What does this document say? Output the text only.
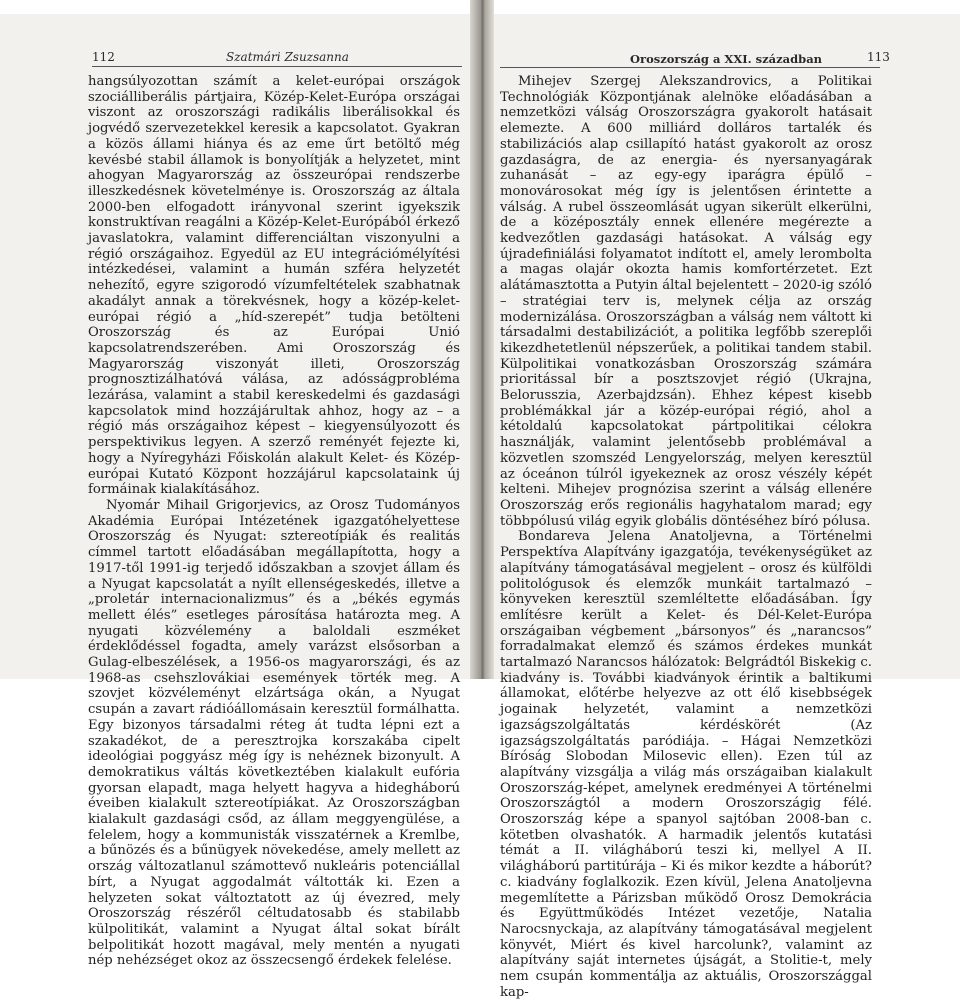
112	Szatmári Zsuzsanna

hangsúlyozottan számít a kelet-európai országok szociálliberális pártjaira, Közép-Kelet-Európa országai viszont az oroszországi radikális liberálisokkal és jogvédő szervezetekkel keresik a kapcsolatot. Gyakran a közös állami hiánya és az eme űrt betöltő még kevésbé stabil államok is bonyolítják a helyzetet, mint ahogyan Magyarország az összeurópai rendszerbe illeszkedésnek követelménye is. Oroszország az általa 2000-ben elfogadott irányvonal szerint igyekszik konstruktívan reagálni a Közép-Kelet-Európából érkező javaslatokra, valamint differenciáltan viszonyulni a régió országaihoz. Egyedül az EU integrációmélyítési intézkedései, valamint a humán szféra helyzetét nehezítő, egyre szigorodó vízumfeltételek szabhatnak akadályt annak a törekvésnek, hogy a közép-kelet-európai régió a „híd-szerepét” tudja betölteni Oroszország és az Európai Unió kapcsolatrendszerében. Ami Oroszország és Magyarország viszonyát illeti, Oroszország prognosztizálhatóvá válása, az adósságprobléma lezárása, valamint a stabil kereskedelmi és gazdasági kapcsolatok mind hozzájárultak ahhoz, hogy az – a régió más országaihoz képest – kiegyensúlyozott és perspektivikus legyen. A szerző reményét fejezte ki, hogy a Nyíregyházi Főiskolán alakult Kelet- és Közép-európai Kutató Központ hozzájárul kapcsolataink új formáinak kialakításához.

Nyomár Mihail Grigorjevics, az Orosz Tudományos Akadémia Európai Intézetének igazgatóhelyettese Oroszország és Nyugat: sztereotípiák és realitás címmel tartott előadásában megállapította, hogy a 1917-től 1991-ig terjedő időszakban a szovjet állam és a Nyugat kapcsolatát a nyílt ellenségeskedés, illetve a „proletár internacionalizmus” és a „békés egymás mellett élés” esetleges párosítása határozta meg. A nyugati közvélemény a baloldali eszméket érdeklődéssel fogadta, amely varázst elsősorban a Gulag-elbeszélések, a 1956-os magyarországi, és az 1968-as csehszlovákiai események törték meg. A szovjet közvéleményt elzártsága okán, a Nyugat csupán a zavart rádióállomásain keresztül formálhatta. Egy bizonyos társadalmi réteg át tudta lépni ezt a szakadékot, de a peresztrojka korszakába cipelt ideológiai poggyász még így is nehéznek bizonyult. A demokratikus váltás következtében kialakult eufória gyorsan elapadt, maga helyett hagyva a hidegháború éveiben kialakult sztereotípiákat. Az Oroszországban kialakult gazdasági csőd, az állam meggyengülése, a felelem, hogy a kommunisták visszatérnek a Kremlbe, a bűnözés és a bűnügyek növekedése, amely mellett az ország változatlanul számottevő nukleáris potenciállal bírt, a Nyugat aggodalmát váltották ki. Ezen a helyzeten sokat változtatott az új évezred, mely Oroszország részéről céltudatosabb és stabilabb külpolitikát, valamint a Nyugat által sokat bírált belpolitikát hozott magával, mely mentén a nyugati nép nehézséget okoz az összecsengő érdekek felelése.

Oroszország a XXI. században	113

Mihejev Szergej Alekszandrovics, a Politikai Technológiák Központjának alelnöke előadásában a nemzetközi válság Oroszországra gyakorolt hatásait elemezte. A 600 milliárd dolláros tartalék és stabilizációs alap csillapító hatást gyakorolt az orosz gazdaságra, de az energia- és nyersanyagárak zuhanását – az egy-egy iparágra épülő – monovárosokat még így is jelentősen érintette a válság. A rubel összeomlását ugyan sikerült elkerülni, de a középosztály ennek ellenére megérezte a kedvezőtlen gazdasági hatásokat. A válság egy újradefiniálási folyamatot indított el, amely lerombolta a magas olajár okozta hamis komfortérzetet. Ezt alátámasztotta a Putyin által bejelentett – 2020-ig szóló – stratégiai terv is, melynek célja az ország modernizálása. Oroszországban a válság nem váltott ki társadalmi destabilizációt, a politika legfőbb szereplői kikezdhetetlenül népszerűek, a politikai tandem stabil. Külpolitikai vonatkozásban Oroszország számára prioritással bír a posztszovjet régió (Ukrajna, Belorusszia, Azerbajdzsán). Ehhez képest kisebb problémákkal jár a közép-európai régió, ahol a kétoldalú kapcsolatokat pártpolitikai célokra használják, valamint jelentősebb problémával a közvetlen szomszéd Lengyelország, melyen keresztül az óceánon túlról igyekeznek az orosz vészély képét kelteni. Mihejev prognózisa szerint a válság ellenére Oroszország erős regionális hagyhatalom marad; egy többpólusú világ egyik globális döntéséhez bíró pólusa.

Bondareva Jelena Anatoljevna, a Történelmi Perspektíva Alapítvány igazgatója, tevékenységüket az alapítvány támogatásával megjelent – orosz és külföldi politológusok és elemzők munkáit tartalmazó – könyveken keresztül szemléltette előadásában. Így említésre került a Kelet- és Dél-Kelet-Európa országaiban végbement „bársonyos” és „narancsos” forradalmakat elemző és számos érdekes munkát tartalmazó Narancsos hálózatok: Belgrádtól Biskekig c. kiadvány is. További kiadványok érintik a baltikumi államokat, előtérbe helyezve az ott élő kisebbségek jogainak helyzetét, valamint a nemzetközi igazságszolgáltatás kérdéskörét (Az igazságszolgáltatás paródiája. – Hágai Nemzetközi Bíróság Slobodan Milosevic ellen). Ezen túl az alapítvány vizsgálja a világ más országaiban kialakult Oroszország-képet, amelynek eredményei A történelmi Oroszországtól a modern Oroszországig félé. Oroszország képe a spanyol sajtóban 2008-ban c. kötetben olvashatók. A harmadik jelentős kutatási témát a II. világháború teszi ki, mellyel A II. világháború partitúrája – Ki és mikor kezdte a háborút? c. kiadvány foglalkozik. Ezen kívül, Jelena Anatoljevna megemlítette a Párizsban működő Orosz Demokrácia és Együttműködés Intézet vezetője, Natalia Narocsnyckaja, az alapítvány támogatásával megjelent könyvét, Miért és kivel harcolunk?, valamint az alapítvány saját internetes újságát, a Stolitie-t, mely nem csupán kommentálja az aktuális, Oroszországgal kap-
